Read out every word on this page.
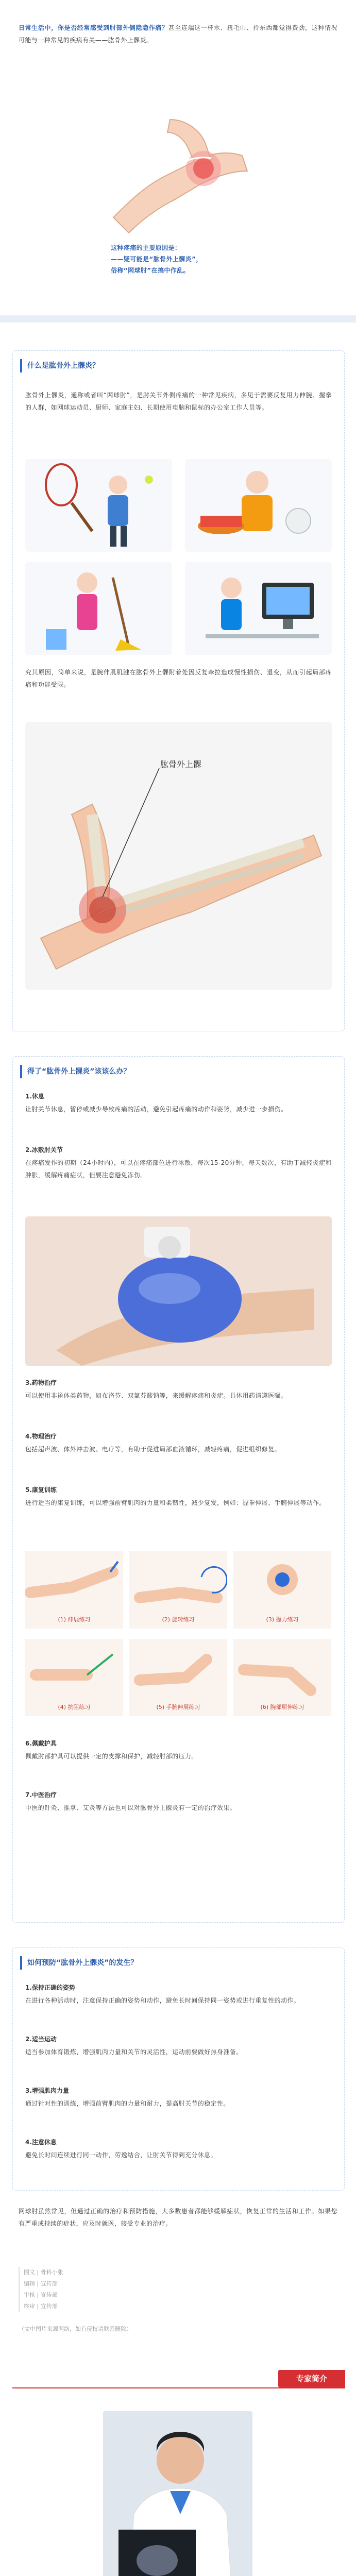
日常生活中，你是否经常感受到肘部外侧隐隐作痛？甚至连端这一杯水、扭毛巾、拎东西都觉得费劲，这种情况可能与一种常见的疾病有关——肱骨外上髁炎。

这种疼痛的主要原因是：

——疑可能是“肱骨外上髁炎”，

俗称“网球肘”在搞中作乱。

什么是肱骨外上髁炎？

肱骨外上髁炎，通称或者叫“网球肘”，是肘关节外侧疼痛的一种常见疾病，多见于需要反复用力伸腕、握拳的人群，如网球运动员、厨师、家庭主妇、长期使用电脑和鼠标的办公室工作人员等。

究其原因，简单来说，是腕伸肌肌腱在肱骨外上髁附着处因反复牵拉造成慢性损伤、退变，从而引起局部疼痛和功能受限。

肱骨外上髁
得了“肱骨外上髁炎”该该么办？

1.休息

让肘关节休息，暂停或减少导致疼痛的活动，避免引起疼痛的动作和姿势，减少进一步损伤。

2.冰敷肘关节

在疼痛发作的初期（24小时内），可以在疼痛部位进行冰敷，每次15-20分钟，每天数次，有助于减轻炎症和肿胀，缓解疼痛症状，但要注意避免冻伤。

3.药物治疗

可以使用非甾体类药物，如布洛芬、双氯芬酸钠等，来缓解疼痛和炎症。具体用药请遵医嘱。

4.物理治疗

包括超声波、体外冲击波、电疗等，有助于促进局部血液循环，减轻疼痛，促进组织修复。

5.康复训练

进行适当的康复训练，可以增强前臂肌肉的力量和柔韧性，减少复发，例如：握拳伸展、手腕伸展等动作。

(1) 伸展练习	(2) 旋转练习	(3) 握力练习
(4) 抗阻练习	(5) 手腕伸展练习	(6) 腕部屈伸练习

6.佩戴护具

佩戴肘部护具可以提供一定的支撑和保护，减轻肘部的压力。

7.中医治疗

中医的针灸、推拿、艾灸等方法也可以对肱骨外上髁炎有一定的治疗效果。

如何预防“肱骨外上髁炎”的发生？

1.保持正确的姿势

在进行各种活动时，注意保持正确的姿势和动作，避免长时间保持同一姿势或进行重复性的动作。

2.适当运动

适当参加体育锻炼，增强肌肉力量和关节的灵活性，运动前要做好热身准备。

3.增强肌肉力量

通过针对性的训练，增强前臂肌肉的力量和耐力，提高肘关节的稳定性。

4.注意休息

避免长时间连续进行同一动作，劳逸结合，让肘关节得到充分休息。

网球肘虽然常见，但通过正确的治疗和预防措施，大多数患者都能够缓解症状，恢复正常的生活和工作。如果您有严重或持续的症状，应及时就医，接受专业的治疗。

图文 | 骨科小张
编辑 | 宣传部
审核 | 宣传部
终审 | 宣传部
（文中图片来源网络，如有侵权请联系删除）
专家简介
